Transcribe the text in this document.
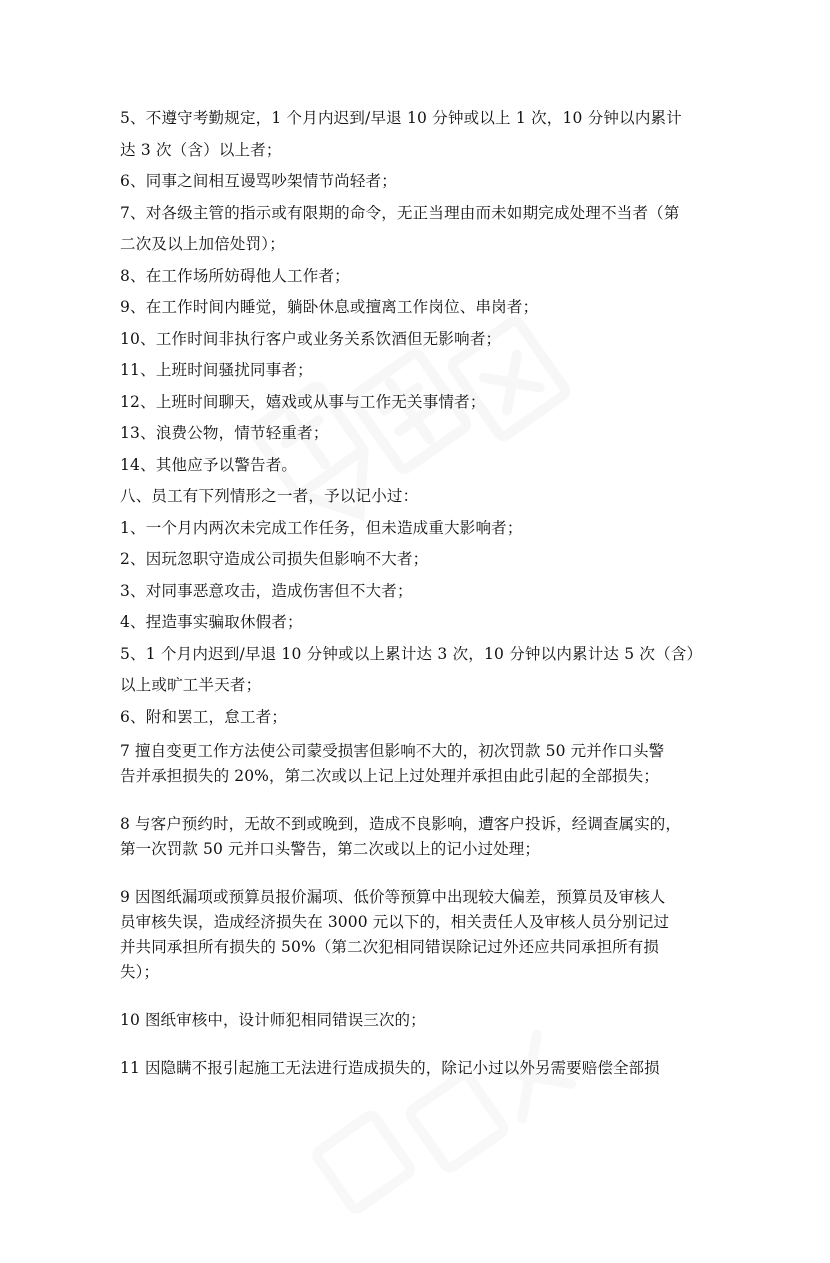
5、不遵守考勤规定，1 个月内迟到/早退 10 分钟或以上 1 次，10 分钟以内累计
达 3 次（含）以上者；
6、同事之间相互谩骂吵架情节尚轻者；
7、对各级主管的指示或有限期的命令，无正当理由而未如期完成处理不当者（第
二次及以上加倍处罚）；
8、在工作场所妨碍他人工作者；
9、在工作时间内睡觉，躺卧休息或擅离工作岗位、串岗者；
10、工作时间非执行客户或业务关系饮酒但无影响者；
11、上班时间骚扰同事者；
12、上班时间聊天，嬉戏或从事与工作无关事情者；
13、浪费公物，情节轻重者；
14、其他应予以警告者。
八、员工有下列情形之一者，予以记小过：
1、一个月内两次未完成工作任务，但未造成重大影响者；
2、因玩忽职守造成公司损失但影响不大者；
3、对同事恶意攻击，造成伤害但不大者；
4、捏造事实骗取休假者；
5、1 个月内迟到/早退 10 分钟或以上累计达 3 次，10 分钟以内累计达 5 次（含）
以上或旷工半天者；
6、附和罢工，怠工者；
7 擅自变更工作方法使公司蒙受损害但影响不大的，初次罚款 50 元并作口头警
告并承担损失的 20%，第二次或以上记上过处理并承担由此引起的全部损失；
8 与客户预约时，无故不到或晚到，造成不良影响，遭客户投诉，经调查属实的，
第一次罚款 50 元并口头警告，第二次或以上的记小过处理；
9 因图纸漏项或预算员报价漏项、低价等预算中出现较大偏差，预算员及审核人
员审核失误，造成经济损失在 3000 元以下的，相关责任人及审核人员分别记过
并共同承担所有损失的 50%（第二次犯相同错误除记过外还应共同承担所有损
失）；
10 图纸审核中，设计师犯相同错误三次的；
11 因隐瞒不报引起施工无法进行造成损失的，除记小过以外另需要赔偿全部损
